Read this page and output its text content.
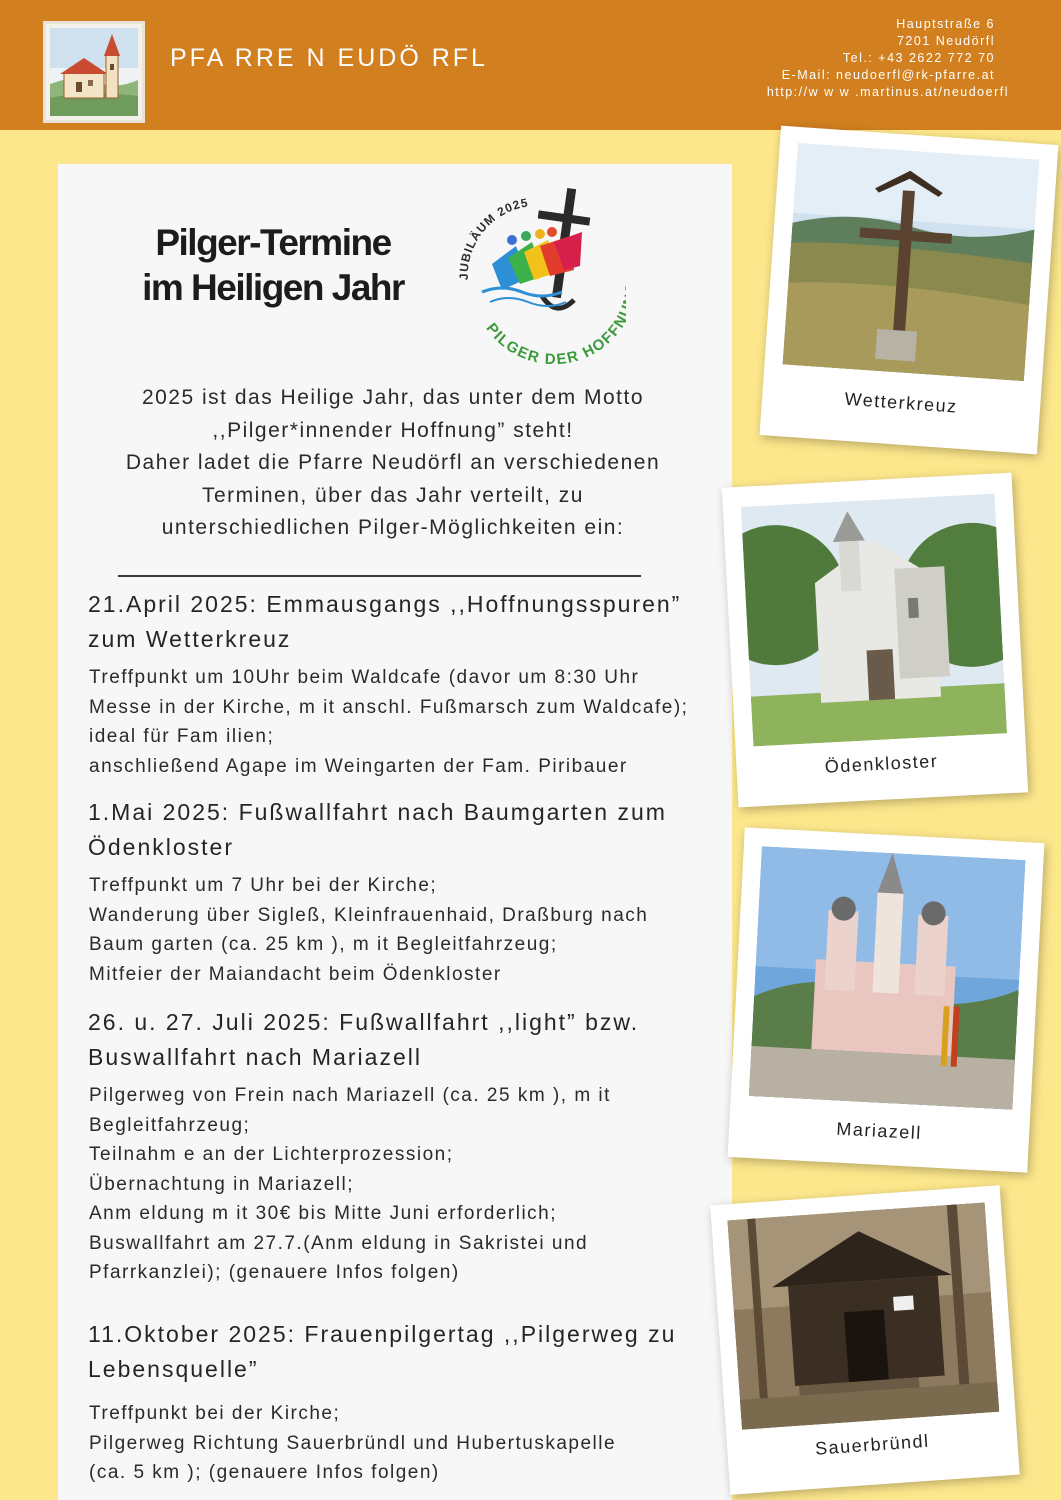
PFA RRE N EUDÖ RFL
Hauptstraße 6
7201 Neudörfl
Tel.: +43 2622 772 70
E-Mail: neudoerfl@rk-pfarre.at
http://w w w .martinus.at/neudoerfl
Pilger-Termine
im Heiligen Jahr	JUBILÄUM 2025
PILGER DER HOFF
2025 ist das Heilige Jahr, das unter dem Motto
,,Pilger*innender Hoffnung” steht!
Daher ladet die Pfarre Neudörfl an verschiedenen
Terminen, über das Jahr verteilt, zu
unterschiedlichen Pilger-Möglichkeiten ein:
21.April 2025: Emmausgangs ,,Hoffnungsspuren”
zum Wetterkreuz

Treffpunkt um 10Uhr beim Waldcafe (davor um 8:30 Uhr
Messe in der Kirche, m it anschl. Fußmarsch zum Waldcafe);
ideal für Fam ilien;
anschließend Agape im Weingarten der Fam. Piribauer

1.Mai 2025: Fußwallfahrt nach Baumgarten zum
Ödenkloster

Treffpunkt um 7 Uhr bei der Kirche;
Wanderung über Sigleß, Kleinfrauenhaid, Draßburg nach
Baum garten (ca. 25 km ), m it Begleitfahrzeug;
Mitfeier der Maiandacht beim Ödenkloster

26. u. 27. Juli 2025: Fußwallfahrt ,,light” bzw.
Buswallfahrt nach Mariazell

Pilgerweg von Frein nach Mariazell (ca. 25 km ), m it
Begleitfahrzeug;
Teilnahm e an der Lichterprozession;
Übernachtung in Mariazell;
Anm eldung m it 30€ bis Mitte Juni erforderlich;
Buswallfahrt am 27.7.(Anm eldung in Sakristei und
Pfarrkanzlei); (genauere Infos folgen)

11.Oktober 2025: Frauenpilgertag ,,Pilgerweg zu
Lebensquelle”

Treffpunkt bei der Kirche;
Pilgerweg Richtung Sauerbründl und Hubertuskapelle
(ca. 5 km ); (genauere Infos folgen)

Wetterkreuz
Ödenkloster
Mariazell
Sauerbründl
